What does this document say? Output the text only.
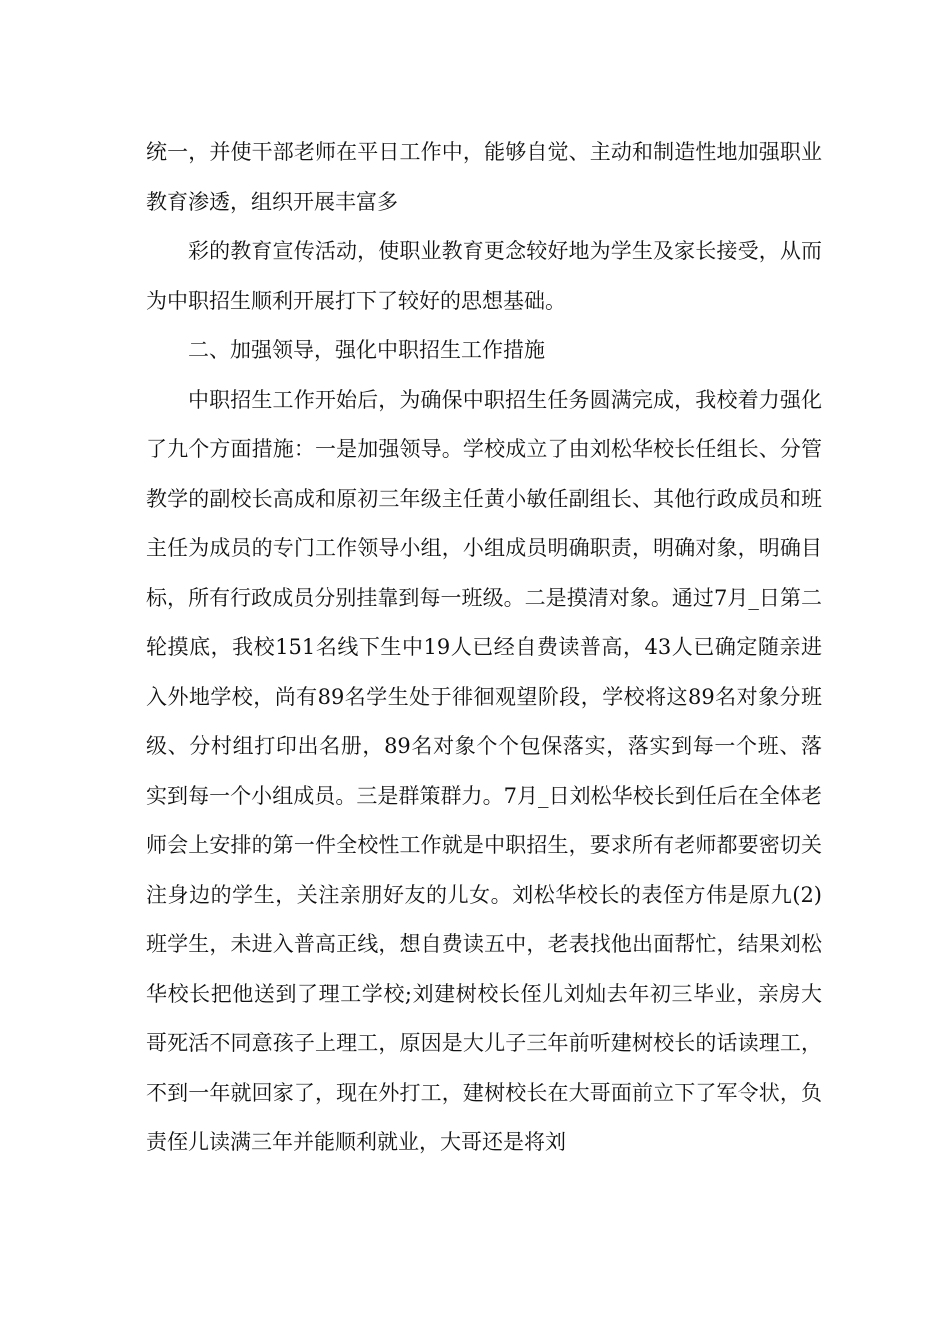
统一，并使干部老师在平日工作中，能够自觉、主动和制造性地加强职业教育渗透，组织开展丰富多

彩的教育宣传活动，使职业教育更念较好地为学生及家长接受，从而为中职招生顺利开展打下了较好的思想基础。

二、加强领导，强化中职招生工作措施

中职招生工作开始后，为确保中职招生任务圆满完成，我校着力强化了九个方面措施：一是加强领导。学校成立了由刘松华校长任组长、分管教学的副校长高成和原初三年级主任黄小敏任副组长、其他行政成员和班主任为成员的专门工作领导小组，小组成员明确职责，明确对象，明确目标，所有行政成员分别挂靠到每一班级。二是摸清对象。通过7月_日第二轮摸底，我校151名线下生中19人已经自费读普高，43人已确定随亲进入外地学校，尚有89名学生处于徘徊观望阶段，学校将这89名对象分班级、分村组打印出名册，89名对象个个包保落实，落实到每一个班、落实到每一个小组成员。三是群策群力。7月_日刘松华校长到任后在全体老师会上安排的第一件全校性工作就是中职招生，要求所有老师都要密切关注身边的学生，关注亲朋好友的儿女。刘松华校长的表侄方伟是原九(2)班学生，未进入普高正线，想自费读五中，老表找他出面帮忙，结果刘松华校长把他送到了理工学校;刘建树校长侄儿刘灿去年初三毕业，亲房大哥死活不同意孩子上理工，原因是大儿子三年前听建树校长的话读理工，不到一年就回家了，现在外打工，建树校长在大哥面前立下了军令状，负责侄儿读满三年并能顺利就业，大哥还是将刘
